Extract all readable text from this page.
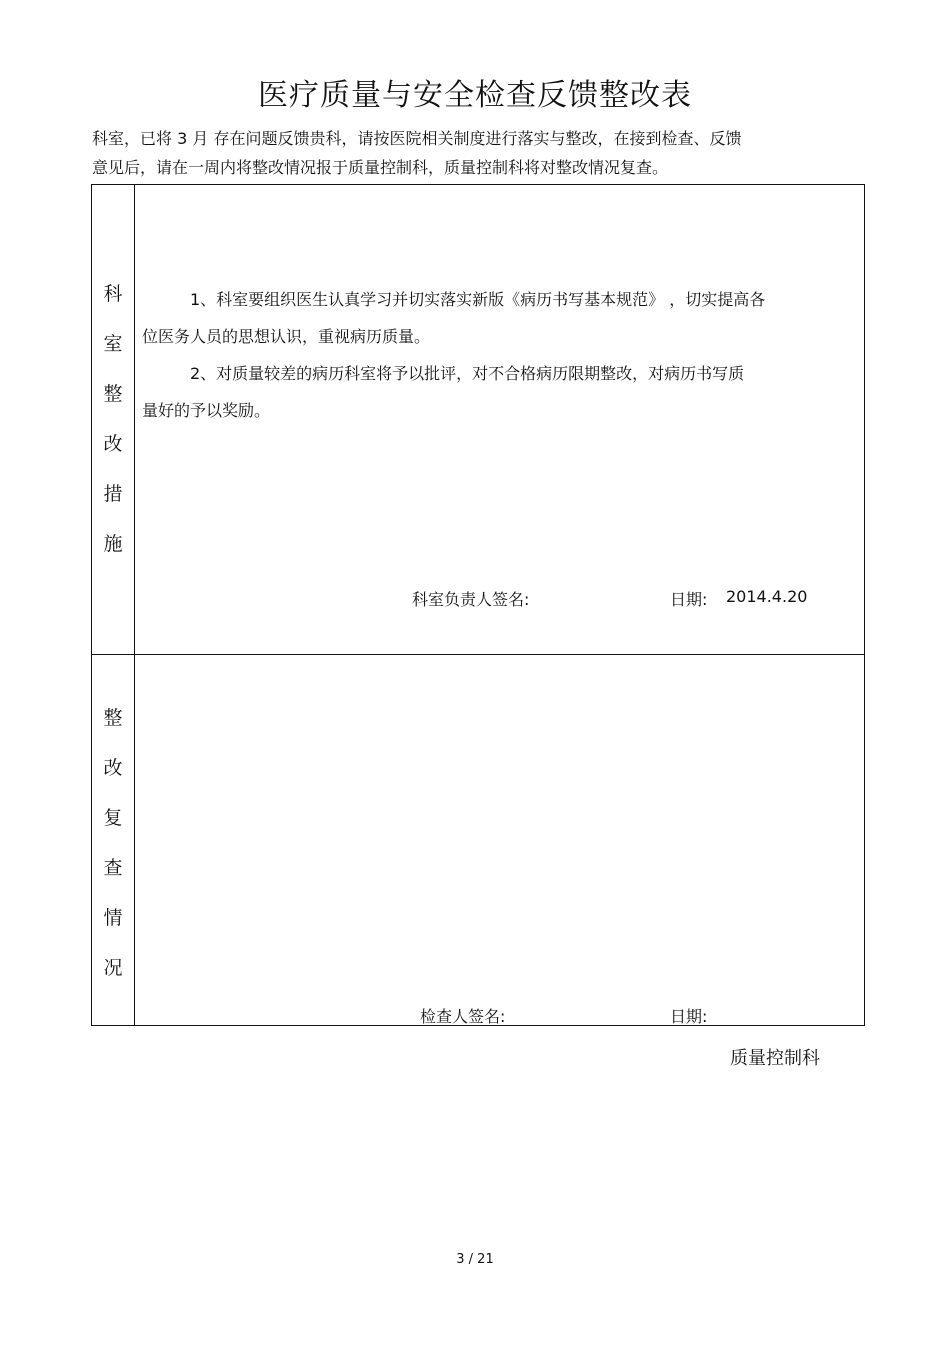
医疗质量与安全检查反馈整改表
科室，已将 3 月 存在问题反馈贵科，请按医院相关制度进行落实与整改，在接到检查、反馈
意见后，请在一周内将整改情况报于质量控制科，质量控制科将对整改情况复查。
科
室
整
改
措
施
1、科室要组织医生认真学习并切实落实新版《病历书写基本规范》 ，切实提高各
位医务人员的思想认识，重视病历质量。
2、对质量较差的病历科室将予以批评，对不合格病历限期整改，对病历书写质
量好的予以奖励。
科室负责人签名:	日期: 2014.4.20
整
改
复
查
情
况
检查人签名:	日期:
质量控制科
3 / 21
